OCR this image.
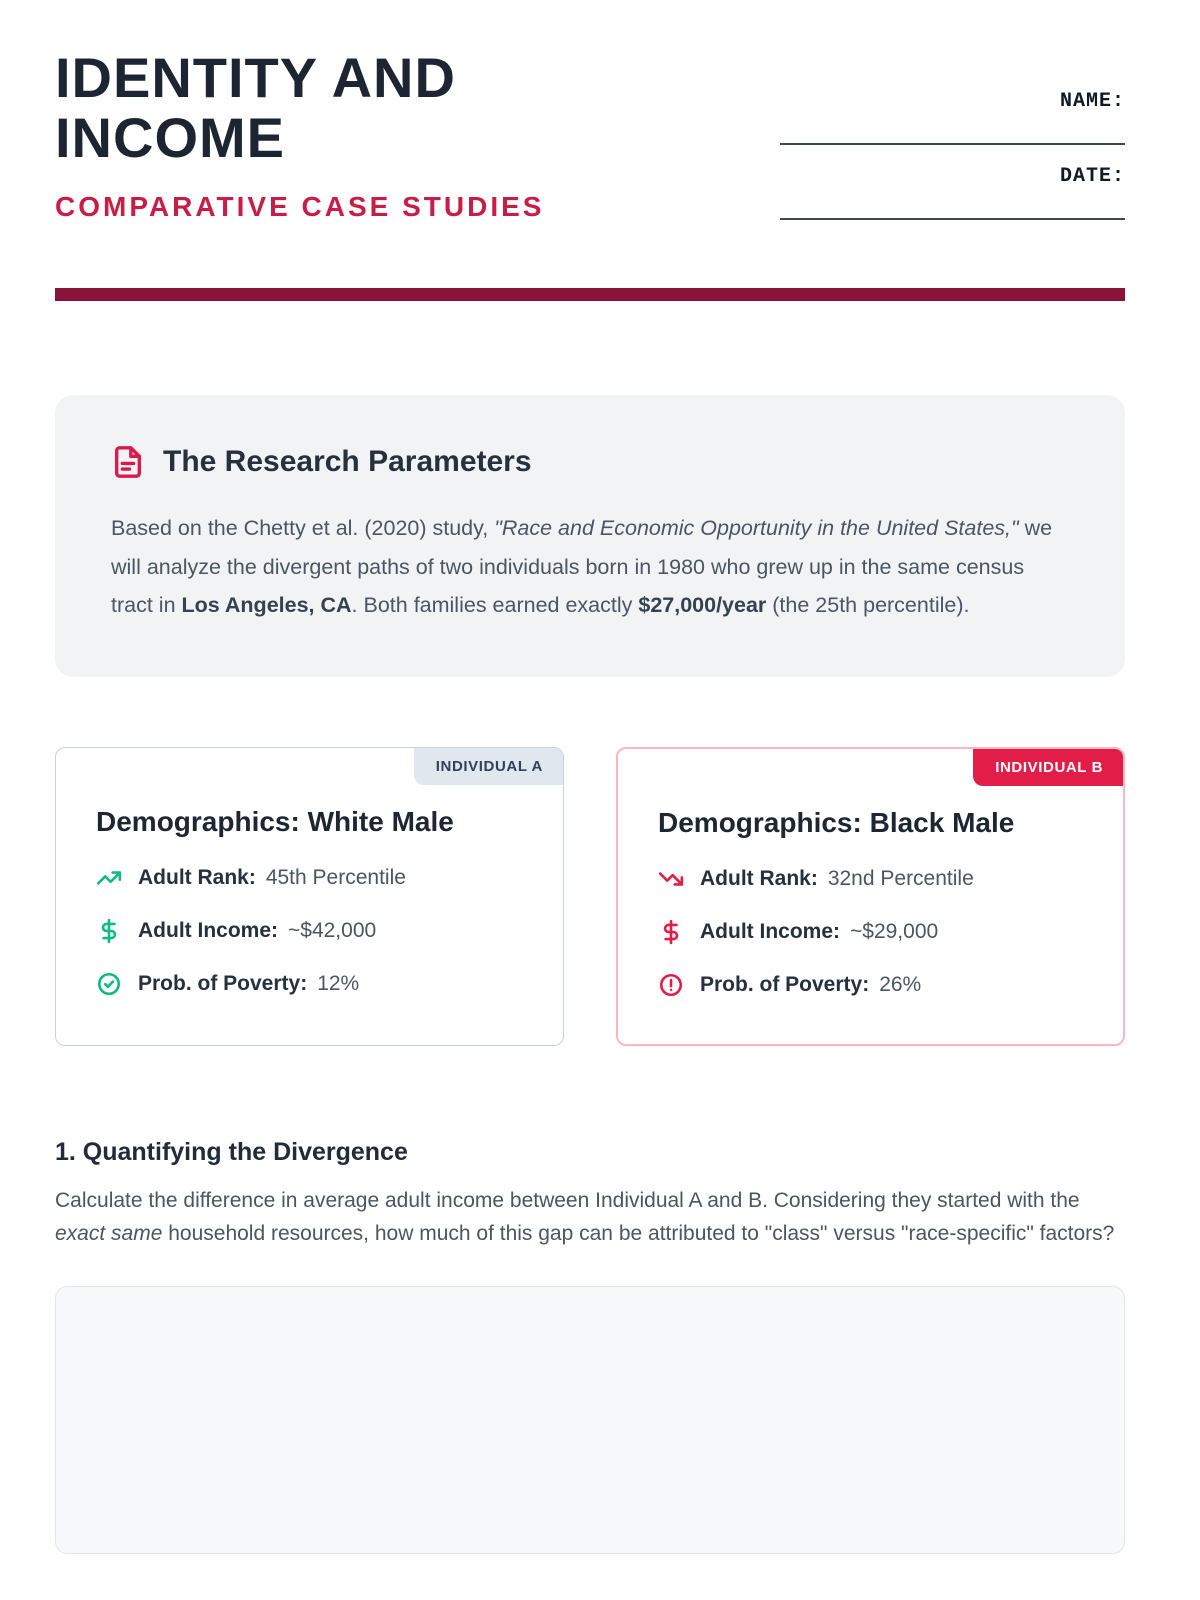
IDENTITY AND
INCOME
COMPARATIVE CASE STUDIES
NAME:
DATE:
The Research Parameters

Based on the Chetty et al. (2020) study, "Race and Economic Opportunity in the United States," we will analyze the divergent paths of two individuals born in 1980 who grew up in the same census tract in Los Angeles, CA. Both families earned exactly $27,000/year (the 25th percentile).

INDIVIDUAL A
Demographics: White Male
Adult Rank: 45th Percentile
Adult Income: ~$42,000
Prob. of Poverty: 12%
INDIVIDUAL B
Demographics: Black Male
Adult Rank: 32nd Percentile
Adult Income: ~$29,000
Prob. of Poverty: 26%
1. Quantifying the Divergence

Calculate the difference in average adult income between Individual A and B. Considering they started with the exact same household resources, how much of this gap can be attributed to "class" versus "race-specific" factors?
